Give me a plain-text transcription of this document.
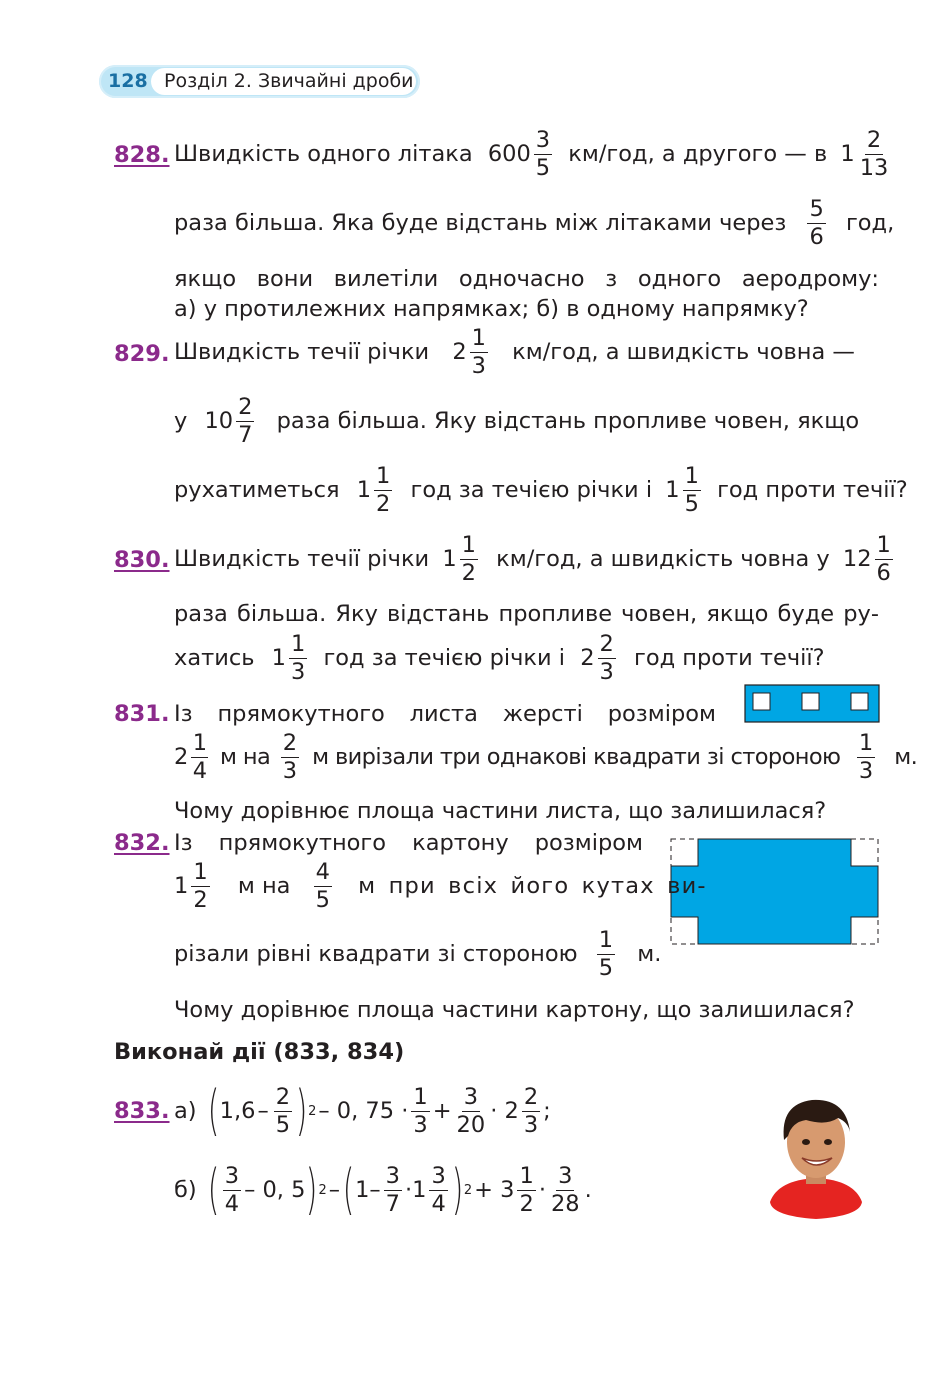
128 Розділ 2. Звичайні дроби
828. Швидкість одного літака $600 \frac{3}{5} км/год$, а другого — в $1 \frac{2}{13}$
раза більша. Яка буде відстань між літаками через $\frac{5}{6}$ год,
якщо вони вилетіли одночасно з одного аеродрому:
а) у протилежних напрямках; б) в одному напрямку?
829. Швидкість течії річки $2 \frac{1}{3} км/год$, а швидкість човна —
у $10 \frac{2}{7}$ раза більша. Яку відстань пропливе човен, якщо
рухатиметься $1 \frac{1}{2}$ год за течією річки і $1 \frac{1}{5}$ год проти течії?
830. Швидкість течії річки $1 \frac{1}{2} км/год$, а швидкість човна у $12 \frac{1}{6}$
раза більша. Яку відстань пропливе човен, якщо буде ру-
хатись $1 \frac{1}{3}$ год за течією річки і $2 \frac{2}{3}$ год проти течії?
831. Із прямокутного листа жерсті розміром
$2 \frac{1}{4}$ м на $\frac{2}{3}$ м вирізали три однакові квадрати зі стороною $\frac{1}{3} м$.
Чому дорівнює площа частини листа, що залишилася?
832. Із прямокутного картону розміром
$1 \frac{1}{2}$ м на $\frac{4}{5}$ м при всіх його кутах ви-
різали рівні квадрати зі стороною $\frac{1}{5} м$.
Чому дорівнює площа частини картону, що залишилася?
Виконай дії (833, 834)
833. а) ( $1,6 - \frac{2}{5}$ ) 2 – 0, $75 \cdot \frac{1}{3} + \frac{3}{20} \cdot 2 \frac{2}{3}$ ;
б) ( $\frac{3}{4} - 0$, 5 ) 2 – ( $1- \frac{3}{7} \cdot 1 \frac{3}{4}$ ) $2 + 3 \frac{1}{2} \cdot \frac{3}{28}$ .
